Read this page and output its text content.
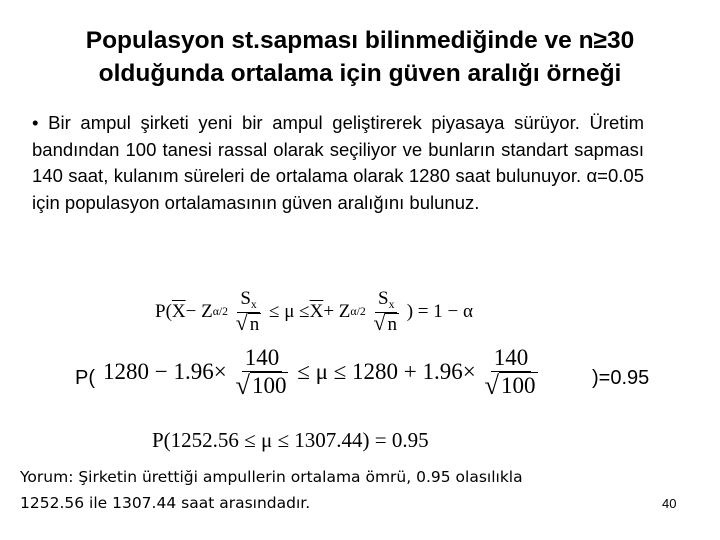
Populasyon st.sapması bilinmediğinde ve n≥30
olduğunda ortalama için güven aralığı örneği
• Bir ampul şirketi yeni bir ampul geliştirerek piyasaya sürüyor. Üretim bandından 100 tanesi rassal olarak seçiliyor ve bunların standart sapması 140 saat, kulanım süreleri de ortalama olarak 1280 saat bulunuyor. α=0.05 için populasyon ortalamasının güven aralığını bulunuz.
$P(\overline{X}- Z\alpha/2 \frac{S_x}{√ n} \le \mu \le\overline{X}+ Z\alpha/2 \frac{S_x}{√ n}$ ) = 1 − α
P( $1280 - 1.96\times \frac{140}{√ 100} \le \mu \le 1280 + 1.96\times \frac{140}{√ 100}$	)=0.95
P(1252.56 ≤ μ ≤ 1307.44) = 0.95
Yorum: Şirketin ürettiği ampullerin ortalama ömrü, 0.95 olasılıkla
1252.56 ile 1307.44 saat arasındadır.	40
